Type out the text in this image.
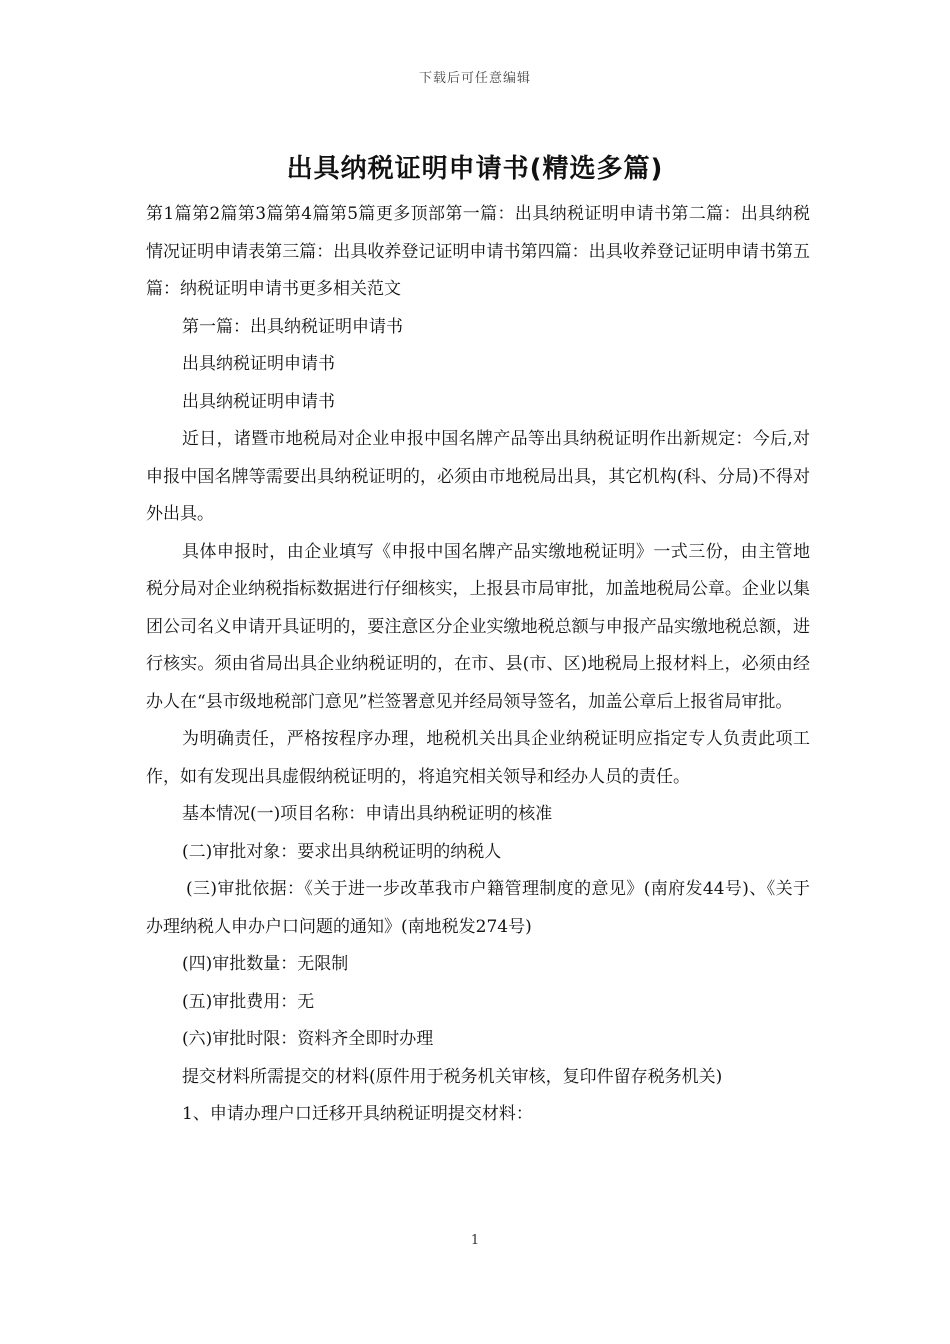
下载后可任意编辑
出具纳税证明申请书(精选多篇)

第1篇第2篇第3篇第4篇第5篇更多顶部第一篇：出具纳税证明申请书第二篇：出具纳税情况证明申请表第三篇：出具收养登记证明申请书第四篇：出具收养登记证明申请书第五篇：纳税证明申请书更多相关范文

第一篇：出具纳税证明申请书

出具纳税证明申请书

出具纳税证明申请书

近日，诸暨市地税局对企业申报中国名牌产品等出具纳税证明作出新规定：今后,对申报中国名牌等需要出具纳税证明的，必须由市地税局出具，其它机构(科、分局)不得对外出具。

具体申报时，由企业填写《申报中国名牌产品实缴地税证明》一式三份，由主管地税分局对企业纳税指标数据进行仔细核实，上报县市局审批，加盖地税局公章。企业以集团公司名义申请开具证明的，要注意区分企业实缴地税总额与申报产品实缴地税总额，进行核实。须由省局出具企业纳税证明的，在市、县(市、区)地税局上报材料上，必须由经办人在“县市级地税部门意见”栏签署意见并经局领导签名，加盖公章后上报省局审批。

为明确责任，严格按程序办理，地税机关出具企业纳税证明应指定专人负责此项工作，如有发现出具虚假纳税证明的，将追究相关领导和经办人员的责任。

基本情况(一)项目名称：申请出具纳税证明的核准

(二)审批对象：要求出具纳税证明的纳税人

(三)审批依据：《关于进一步改革我市户籍管理制度的意见》(南府发44号)、《关于办理纳税人申办户口问题的通知》(南地税发274号)

(四)审批数量：无限制

(五)审批费用：无

(六)审批时限：资料齐全即时办理

提交材料所需提交的材料(原件用于税务机关审核，复印件留存税务机关)

1、申请办理户口迁移开具纳税证明提交材料：

1
